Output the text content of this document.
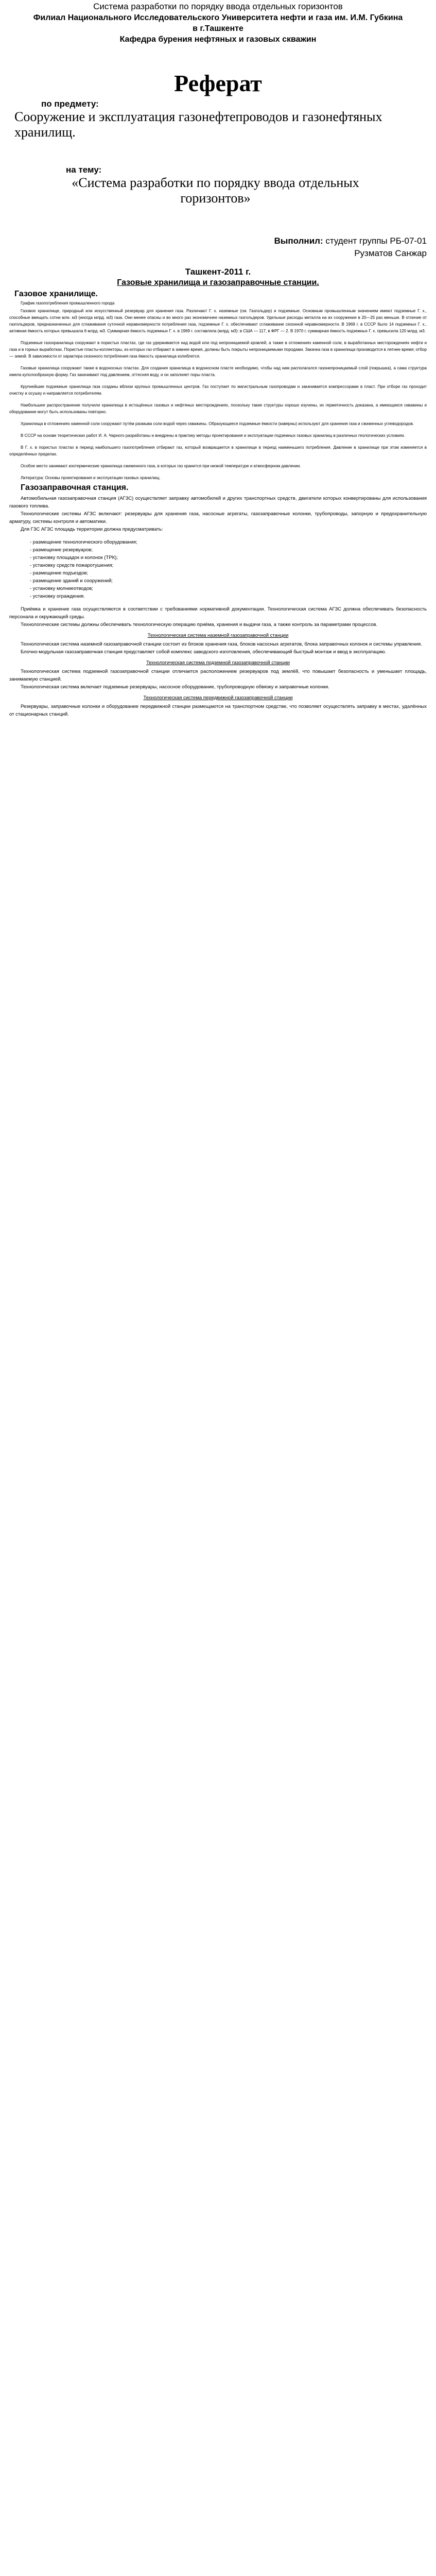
Система разработки по порядку ввода отдельных горизонтов

Филиал Национального Исследовательского Университета нефти и газа им. И.М. Губкина

в г.Ташкенте

Кафедра бурения нефтяных и газовых скважин

Реферат

по предмету:

Сооружение и эксплуатация газонефтепроводов и газонефтяных хранилищ.

на тему:

«Система разработки по порядку ввода отдельных горизонтов»

Выполнил: студент группы РБ-07-01

Рузматов Санжар

Ташкент-2011 г.

Газовые хранилища и газозаправочные станции.

Газовое хранилище.

График газопотребления промышленного города

Газовое хранилище, природный или искусственный резервуар для хранения газа. Различают Г. х. наземные (см. Газгольдер) и подземные. Основным промышленным значением имеют подземные Г. х., способные вмещать сотни млн. м3 (иногда млрд. м3) газа. Они менее опасны и во много раз экономичнее наземных газгольдеров. Удельные расходы металла на их сооружение в 20—25 раз меньше. В отличие от газгольдеров, предназначенных для сглаживания суточной неравномерности потребления газа, подземные Г. х. обеспечивают сглаживание сезонной неравномерности. В 1969 г. в СССР было 14 подземных Г. х., активная ёмкость которых превышала 6 млрд. м3. Суммарная ёмкость подземных Г. х. в 1969 г. составляла (млрд. м3): в США — 117, в ФРГ — 2. В 1970 г. суммарная ёмкость подземных Г. х. превысила 120 млрд. м3.

Подземные газохранилища сооружают в пористых пластах, где газ удерживается над водой или под непроницаемой кровлей, а также в отложениях каменной соли, в выработанных месторождениях нефти и газа и в горных выработках. Пористые пласты-коллекторы, из которых газ отбирают в зимнее время, должны быть покрыты непроницаемыми породами. Закачка газа в хранилища производится в летнее время; отбор — зимой. В зависимости от характера сезонного потребления газа ёмкость хранилища колеблется.

Газовые хранилища сооружают также в водоносных пластах. Для создания хранилища в водоносном пласте необходимо, чтобы над ним располагался газонепроницаемый слой (покрышка), а сама структура имела куполообразную форму. Газ закачивают под давлением, оттесняя воду, и он заполняет поры пласта.

Крупнейшие подземные хранилища газа созданы вблизи крупных промышленных центров. Газ поступает по магистральным газопроводам и закачивается компрессорами в пласт. При отборе газ проходит очистку и осушку и направляется потребителям.

Наибольшее распространение получили хранилища в истощённых газовых и нефтяных месторождениях, поскольку такие структуры хорошо изучены, их герметичность доказана, а имеющиеся скважины и оборудование могут быть использованы повторно.

Хранилища в отложениях каменной соли сооружают путём размыва соли водой через скважины. Образующиеся подземные ёмкости (каверны) используют для хранения газа и сжиженных углеводородов.

В СССР на основе теоретических работ И. А. Чарного разработаны и внедрены в практику методы проектирования и эксплуатации подземных газовых хранилищ в различных геологических условиях.

В Г. х. в пористых пластах в период наибольшего газопотребления отбирают газ, который возвращается в хранилище в период наименьшего потребления. Давление в хранилище при этом изменяется в определённых пределах.

Особое место занимают изотермические хранилища сжиженного газа, в которых газ хранится при низкой температуре и атмосферном давлении.

Литература: Основы проектирования и эксплуатации газовых хранилищ.

Газозаправочная станция.

Автомобильная газозаправочная станция (АГЗС) осуществляет заправку автомобилей и других транспортных средств, двигатели которых конвертированы для использования газового топлива.

Технологические системы АГЗС включают: резервуары для хранения газа, насосные агрегаты, газозаправочные колонки, трубопроводы, запорную и предохранительную арматуру, системы контроля и автоматики.

Для ГЗС АГЗС площадь территории должна предусматривать:

- размещение технологического оборудования;

- размещение резервуаров;

- установку площадок и колонок (ТРК);

- установку средств пожаротушения;

- размещение подъездов;

- размещение зданий и сооружений;

- установку молниеотводов;

- установку ограждения.

Приёмка и хранение газа осуществляются в соответствии с требованиями нормативной документации. Технологическая система АГЗС должна обеспечивать безопасность персонала и окружающей среды.

Технологические системы должны обеспечивать технологическую операцию приёма, хранения и выдачи газа, а также контроль за параметрами процессов.

Технологическая система наземной газозаправочной станции

Технологическая система наземной газозаправочной станции состоит из блоков хранения газа, блоков насосных агрегатов, блока заправочных колонок и системы управления.

Блочно-модульная газозаправочная станция представляет собой комплекс заводского изготовления, обеспечивающий быстрый монтаж и ввод в эксплуатацию.

Технологическая система подземной газозаправочной станции

Технологическая система подземной газозаправочной станции отличается расположением резервуаров под землёй, что повышает безопасность и уменьшает площадь, занимаемую станцией.

Технологическая система включает подземные резервуары, насосное оборудование, трубопроводную обвязку и заправочные колонки.

Технологическая система передвижной газозаправочной станции

Резервуары, заправочные колонки и оборудование передвижной станции размещаются на транспортном средстве, что позволяет осуществлять заправку в местах, удалённых от стационарных станций.
